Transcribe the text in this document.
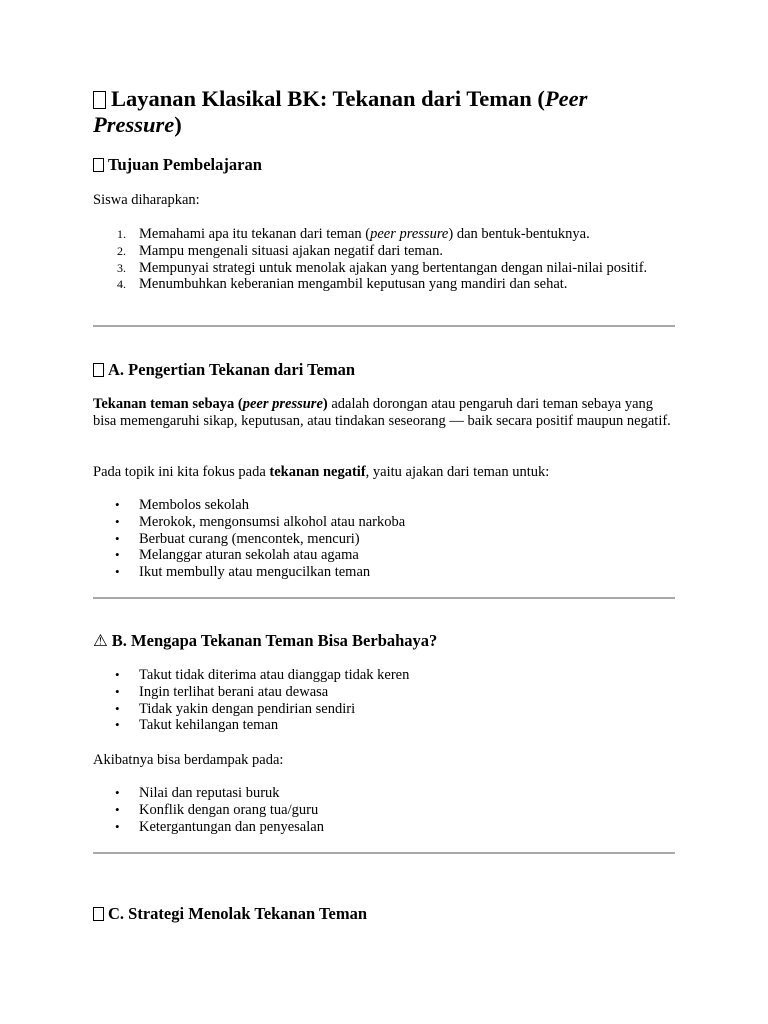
Layanan Klasikal BK: Tekanan dari Teman (Peer Pressure)
Tujuan Pembelajaran

Siswa diharapkan:

1. Memahami apa itu tekanan dari teman (peer pressure) dan bentuk-bentuknya.
2. Mampu mengenali situasi ajakan negatif dari teman.
3. Mempunyai strategi untuk menolak ajakan yang bertentangan dengan nilai-nilai positif.
4. Menumbuhkan keberanian mengambil keputusan yang mandiri dan sehat.
A. Pengertian Tekanan dari Teman

Tekanan teman sebaya (peer pressure) adalah dorongan atau pengaruh dari teman sebaya yang bisa memengaruhi sikap, keputusan, atau tindakan seseorang — baik secara positif maupun negatif.

Pada topik ini kita fokus pada tekanan negatif, yaitu ajakan dari teman untuk:

• Membolos sekolah
• Merokok, mengonsumsi alkohol atau narkoba
• Berbuat curang (mencontek, mencuri)
• Melanggar aturan sekolah atau agama
• Ikut membully atau mengucilkan teman
⚠ B. Mengapa Tekanan Teman Bisa Berbahaya?
• Takut tidak diterima atau dianggap tidak keren
• Ingin terlihat berani atau dewasa
• Tidak yakin dengan pendirian sendiri
• Takut kehilangan teman

Akibatnya bisa berdampak pada:

• Nilai dan reputasi buruk
• Konflik dengan orang tua/guru
• Ketergantungan dan penyesalan
C. Strategi Menolak Tekanan Teman
